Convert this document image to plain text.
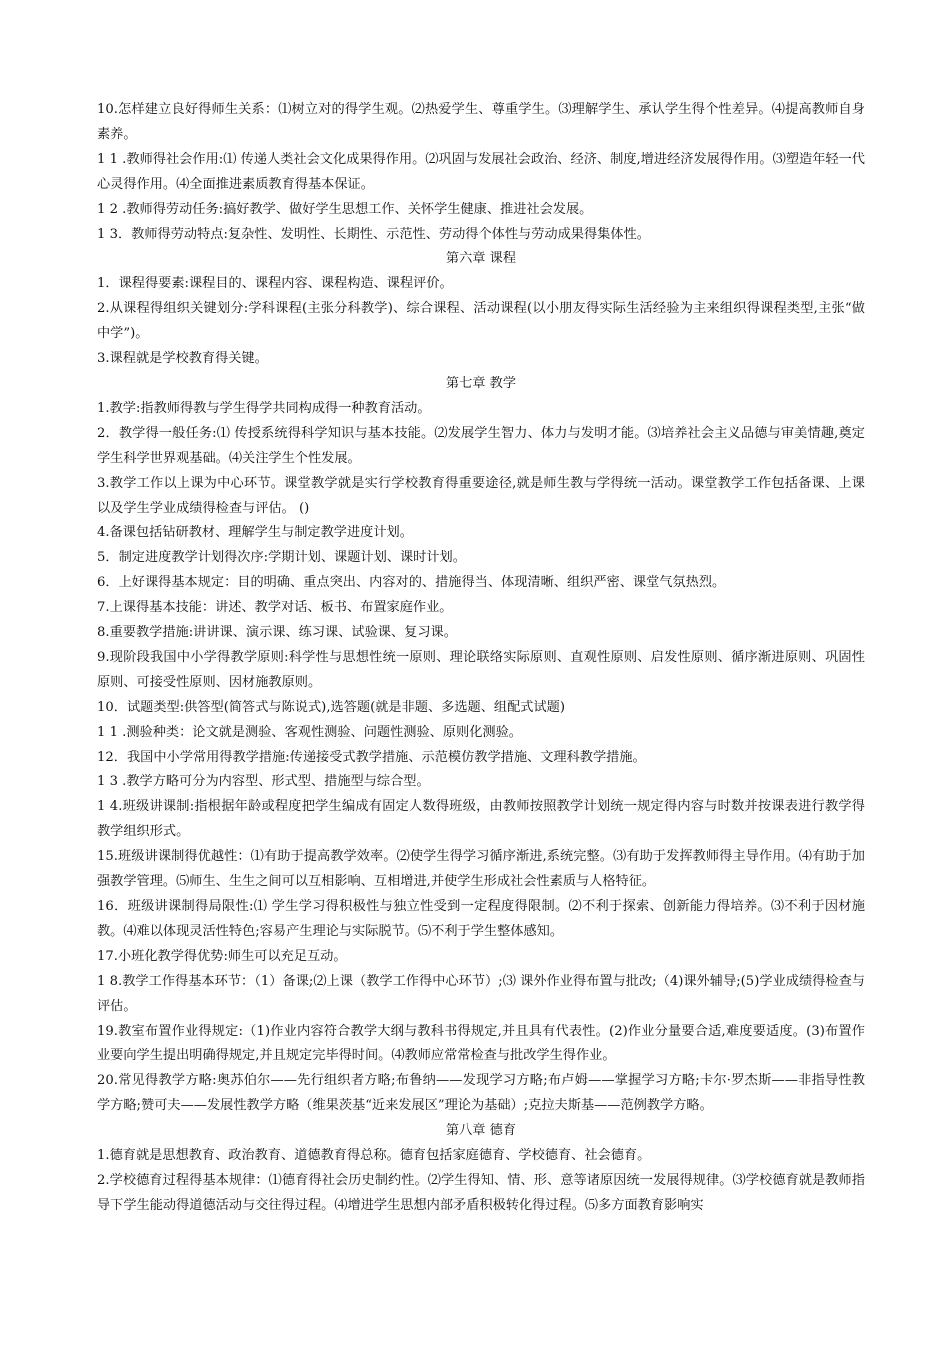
10.怎样建立良好得师生关系：⑴树立对的得学生观。⑵热爱学生、尊重学生。⑶理解学生、承认学生得个性差异。⑷提高教师自身素养。

1 1 .教师得社会作用:⑴ 传递人类社会文化成果得作用。⑵巩固与发展社会政治、经济、制度,增进经济发展得作用。⑶塑造年轻一代心灵得作用。⑷全面推进素质教育得基本保证。

1 2 .教师得劳动任务:搞好教学、做好学生思想工作、关怀学生健康、推进社会发展。

1 3．教师得劳动特点:复杂性、发明性、长期性、示范性、劳动得个体性与劳动成果得集体性。

第六章 课程

1．课程得要素:课程目的、课程内容、课程构造、课程评价。

2.从课程得组织关键划分:学科课程(主张分科教学)、综合课程、活动课程(以小朋友得实际生活经验为主来组织得课程类型,主张“做中学”)。

3.课程就是学校教育得关键。

第七章 教学

1.教学:指教师得教与学生得学共同构成得一种教育活动。

2．教学得一般任务:⑴ 传授系统得科学知识与基本技能。⑵发展学生智力、体力与发明才能。⑶培养社会主义品德与审美情趣,奠定学生科学世界观基础。⑷关注学生个性发展。

3.教学工作以上课为中心环节。课堂教学就是实行学校教育得重要途径,就是师生教与学得统一活动。课堂教学工作包括备课、上课以及学生学业成绩得检查与评估。 ()

4.备课包括钻研教材、理解学生与制定教学进度计划。

5．制定进度教学计划得次序:学期计划、课题计划、课时计划。

6．上好课得基本规定：目的明确、重点突出、内容对的、措施得当、体现清晰、组织严密、课堂气氛热烈。

7.上课得基本技能：讲述、教学对话、板书、布置家庭作业。

8.重要教学措施:讲讲课、演示课、练习课、试验课、复习课。

9.现阶段我国中小学得教学原则:科学性与思想性统一原则、理论联络实际原则、直观性原则、启发性原则、循序渐进原则、巩固性原则、可接受性原则、因材施教原则。

10．试题类型:供答型(简答式与陈说式),选答题(就是非题、多选题、组配式试题)

1 1 .测验种类：论文就是测验、客观性测验、问题性测验、原则化测验。

12．我国中小学常用得教学措施:传递接受式教学措施、示范模仿教学措施、文理科教学措施。

1 3 .教学方略可分为内容型、形式型、措施型与综合型。

1 4.班级讲课制:指根据年龄或程度把学生编成有固定人数得班级，由教师按照教学计划统一规定得内容与时数并按课表进行教学得教学组织形式。

15.班级讲课制得优越性：⑴有助于提高教学效率。⑵使学生得学习循序渐进,系统完整。⑶有助于发挥教师得主导作用。⑷有助于加强教学管理。⑸师生、生生之间可以互相影响、互相增进,并使学生形成社会性素质与人格特征。

16．班级讲课制得局限性:⑴ 学生学习得积极性与独立性受到一定程度得限制。⑵不利于探索、创新能力得培养。⑶不利于因材施教。⑷难以体现灵活性特色;容易产生理论与实际脱节。⑸不利于学生整体感知。

17.小班化教学得优势:师生可以充足互动。

1 8.教学工作得基本环节：（1）备课;⑵上课（教学工作得中心环节）;⑶ 课外作业得布置与批改;（4)课外辅导;(5)学业成绩得检查与评估。

19.教室布置作业得规定:（1)作业内容符合教学大纲与教科书得规定,并且具有代表性。(2)作业分量要合适,难度要适度。(3)布置作业要向学生提出明确得规定,并且规定完毕得时间。⑷教师应常常检查与批改学生得作业。

20.常见得教学方略:奥苏伯尔——先行组织者方略;布鲁纳——发现学习方略;布卢姆——掌握学习方略;卡尔·罗杰斯——非指导性教学方略;赞可夫——发展性教学方略（维果茨基“近来发展区”理论为基础）;克拉夫斯基——范例教学方略。

第八章 德育

1.德育就是思想教育、政治教育、道德教育得总称。德育包括家庭德育、学校德育、社会德育。

2.学校德育过程得基本规律：⑴德育得社会历史制约性。⑵学生得知、情、形、意等诸原因统一发展得规律。⑶学校德育就是教师指导下学生能动得道德活动与交往得过程。⑷增进学生思想内部矛盾积极转化得过程。⑸多方面教育影响实
